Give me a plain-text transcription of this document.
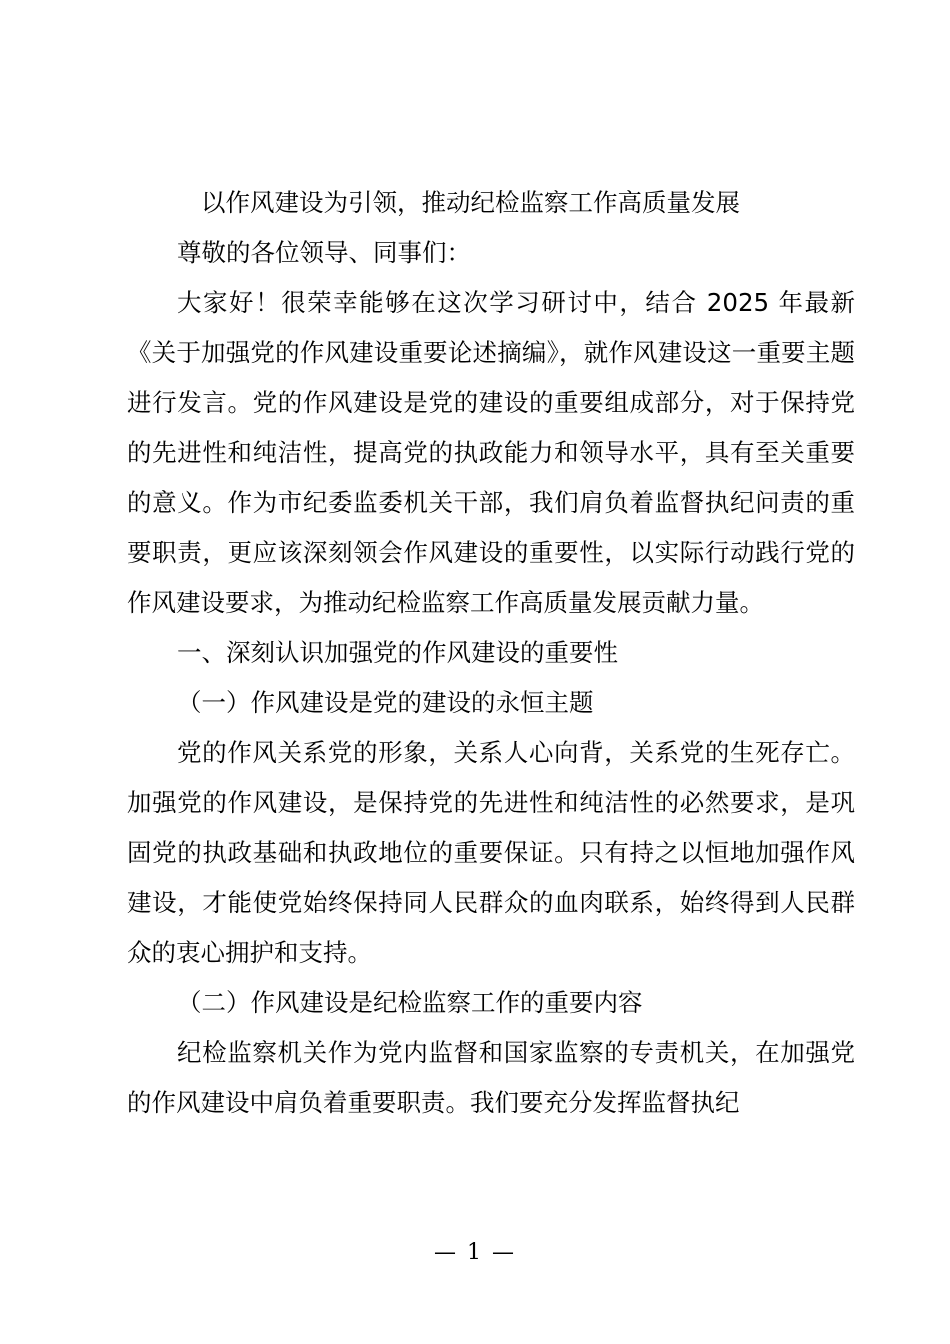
以作风建设为引领，推动纪检监察工作高质量发展

尊敬的各位领导、同事们：

大家好！很荣幸能够在这次学习研讨中，结合 2025 年最新《关于加强党的作风建设重要论述摘编》，就作风建设这一重要主题进行发言。党的作风建设是党的建设的重要组成部分，对于保持党的先进性和纯洁性，提高党的执政能力和领导水平，具有至关重要的意义。作为市纪委监委机关干部，我们肩负着监督执纪问责的重要职责，更应该深刻领会作风建设的重要性，以实际行动践行党的作风建设要求，为推动纪检监察工作高质量发展贡献力量。

一、深刻认识加强党的作风建设的重要性

（一）作风建设是党的建设的永恒主题

党的作风关系党的形象，关系人心向背，关系党的生死存亡。加强党的作风建设，是保持党的先进性和纯洁性的必然要求，是巩固党的执政基础和执政地位的重要保证。只有持之以恒地加强作风建设，才能使党始终保持同人民群众的血肉联系，始终得到人民群众的衷心拥护和支持。

（二）作风建设是纪检监察工作的重要内容

纪检监察机关作为党内监督和国家监察的专责机关，在加强党的作风建设中肩负着重要职责。我们要充分发挥监督执纪

— 1 —
